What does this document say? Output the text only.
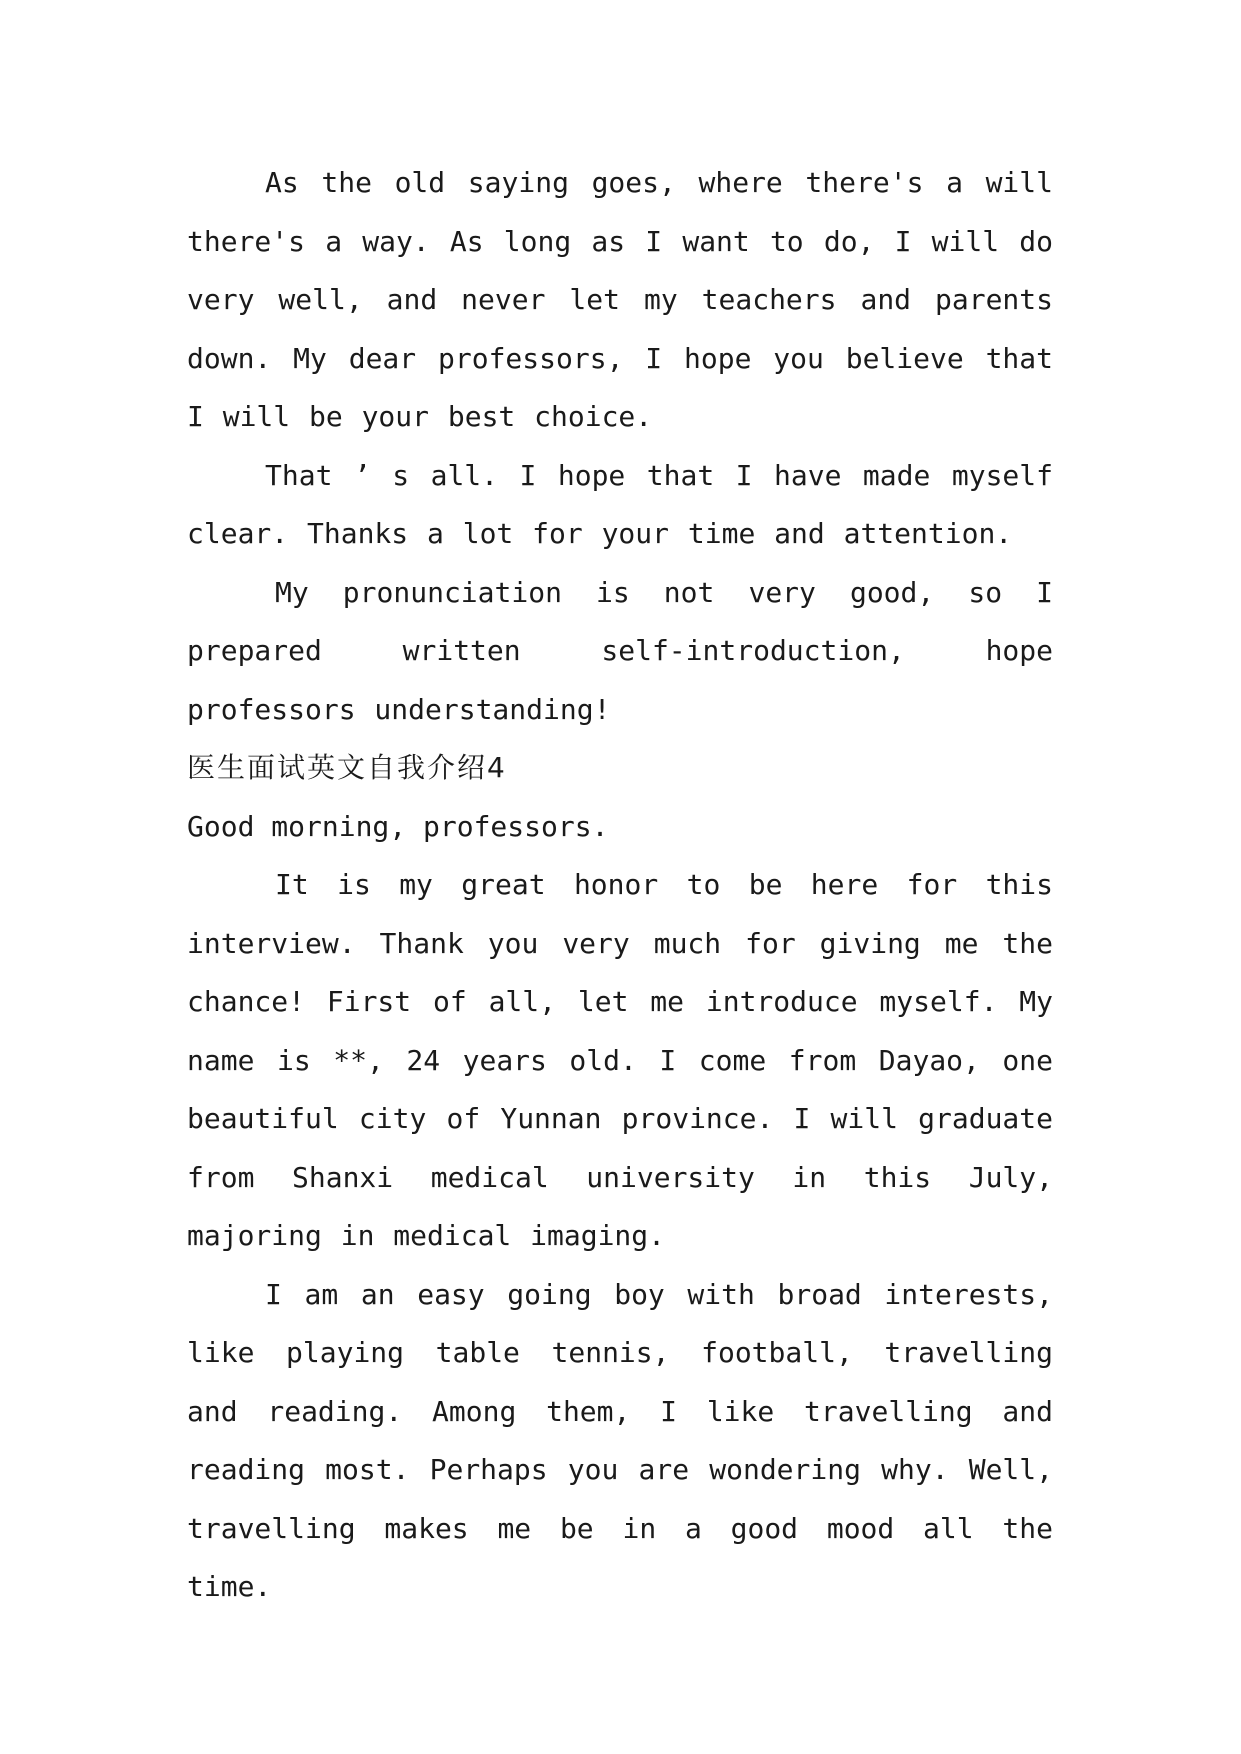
As the old saying goes, where there's a will there's a way. As long as I want to do, I will do very well, and never let my teachers and parents down. My dear professors, I hope you believe that I will be your best choice.

That ’ s all. I hope that I have made myself clear. Thanks a lot for your time and attention.

My pronunciation is not very good, so I prepared written self-introduction, hope professors understanding!

医生面试英文自我介绍4

Good morning, professors.

It is my great honor to be here for this interview. Thank you very much for giving me the chance! First of all, let me introduce myself. My name is **, 24 years old. I come from Dayao, one beautiful city of Yunnan province. I will graduate from Shanxi medical university in this July, majoring in medical imaging.

I am an easy going boy with broad interests, like playing table tennis, football, travelling and reading. Among them, I like travelling and reading most. Perhaps you are wondering why. Well, travelling makes me be in a good mood all the time.
